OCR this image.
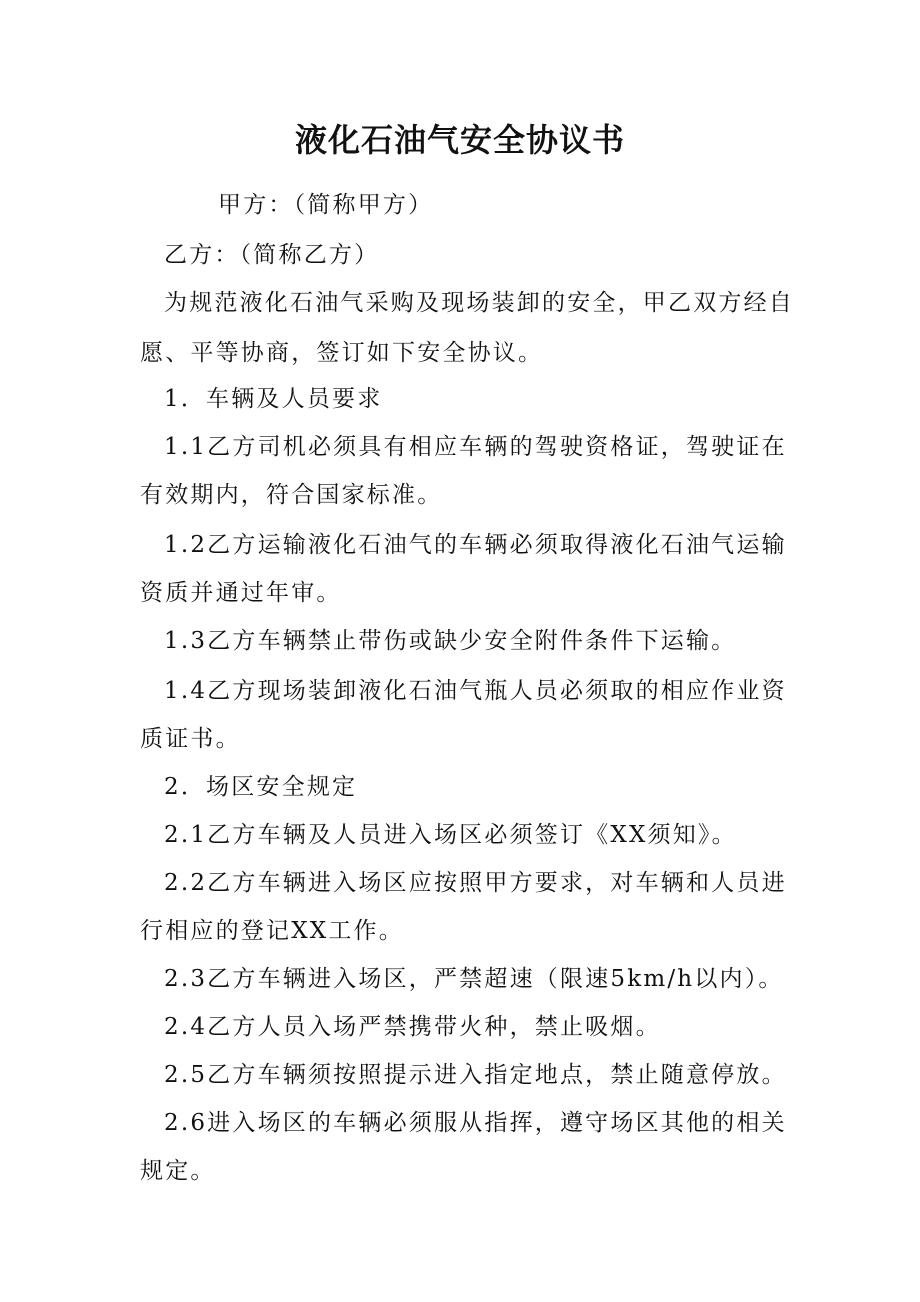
液化石油气安全协议书
甲方：（简称甲方）
乙方：（简称乙方）
为规范液化石油气采购及现场装卸的安全，甲乙双方经自
愿、平等协商，签订如下安全协议。
1．车辆及人员要求
1.1乙方司机必须具有相应车辆的驾驶资格证，驾驶证在
有效期内，符合国家标准。
1.2乙方运输液化石油气的车辆必须取得液化石油气运输
资质并通过年审。
1.3乙方车辆禁止带伤或缺少安全附件条件下运输。
1.4乙方现场装卸液化石油气瓶人员必须取的相应作业资
质证书。
2．场区安全规定
2.1乙方车辆及人员进入场区必须签订《XX须知》。
2.2乙方车辆进入场区应按照甲方要求，对车辆和人员进
行相应的登记XX工作。
2.3乙方车辆进入场区，严禁超速（限速5km/h以内）。
2.4乙方人员入场严禁携带火种，禁止吸烟。
2.5乙方车辆须按照提示进入指定地点，禁止随意停放。
2.6进入场区的车辆必须服从指挥，遵守场区其他的相关
规定。
